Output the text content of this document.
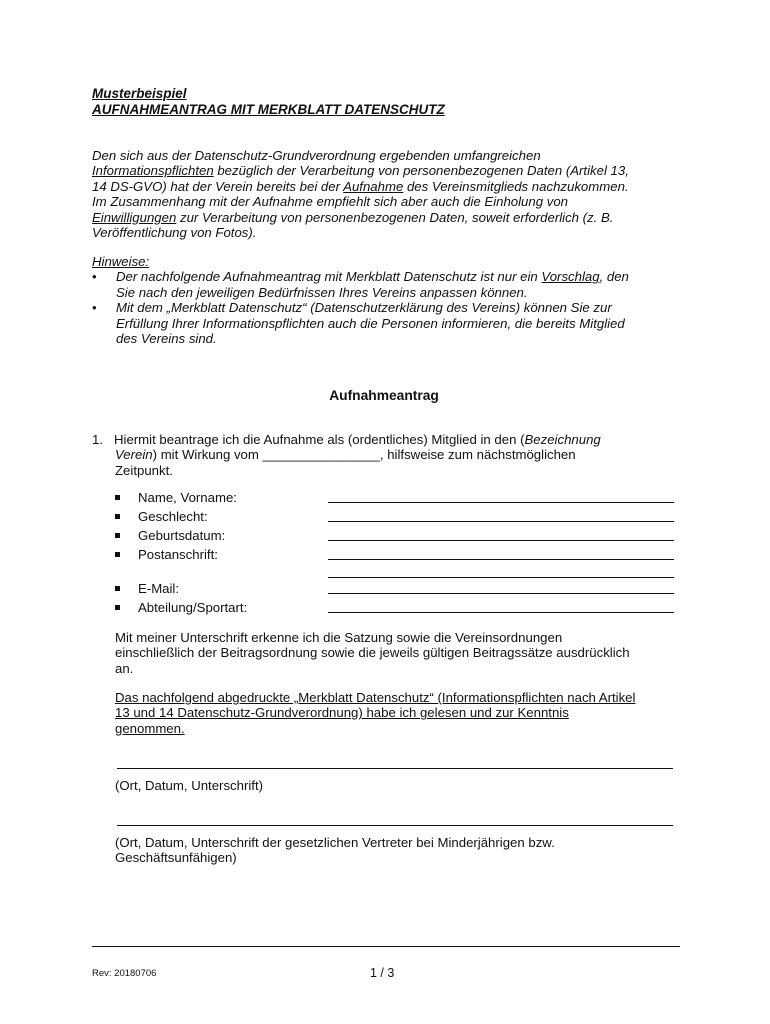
Musterbeispiel
AUFNAHMEANTRAG MIT MERKBLATT DATENSCHUTZ
Den sich aus der Datenschutz-Grundverordnung ergebenden umfangreichen
Informationspflichten bezüglich der Verarbeitung von personenbezogenen Daten (Artikel 13,
14 DS-GVO) hat der Verein bereits bei der Aufnahme des Vereinsmitglieds nachzukommen.
Im Zusammenhang mit der Aufnahme empfiehlt sich aber auch die Einholung von
Einwilligungen zur Verarbeitung von personenbezogenen Daten, soweit erforderlich (z. B.
Veröffentlichung von Fotos).
Hinweise:
• Der nachfolgende Aufnahmeantrag mit Merkblatt Datenschutz ist nur ein Vorschlag, den
Sie nach den jeweiligen Bedürfnissen Ihres Vereins anpassen können.
• Mit dem „Merkblatt Datenschutz“ (Datenschutzerklärung des Vereins) können Sie zur
Erfüllung Ihrer Informationspflichten auch die Personen informieren, die bereits Mitglied
des Vereins sind.
Aufnahmeantrag
1. Hiermit beantrage ich die Aufnahme als (ordentliches) Mitglied in den (Bezeichnung
Verein) mit Wirkung vom ________________, hilfsweise zum nächstmöglichen
Zeitpunkt.
Name, Vorname:
Geschlecht:
Geburtsdatum:
Postanschrift:
E-Mail:
Abteilung/Sportart:
Mit meiner Unterschrift erkenne ich die Satzung sowie die Vereinsordnungen
einschließlich der Beitragsordnung sowie die jeweils gültigen Beitragssätze ausdrücklich
an.
Das nachfolgend abgedruckte „Merkblatt Datenschutz“ (Informationspflichten nach Artikel
13 und 14 Datenschutz-Grundverordnung) habe ich gelesen und zur Kenntnis
genommen.
(Ort, Datum, Unterschrift)
(Ort, Datum, Unterschrift der gesetzlichen Vertreter bei Minderjährigen bzw.
Geschäftsunfähigen)
Rev: 20180706	1 / 3
